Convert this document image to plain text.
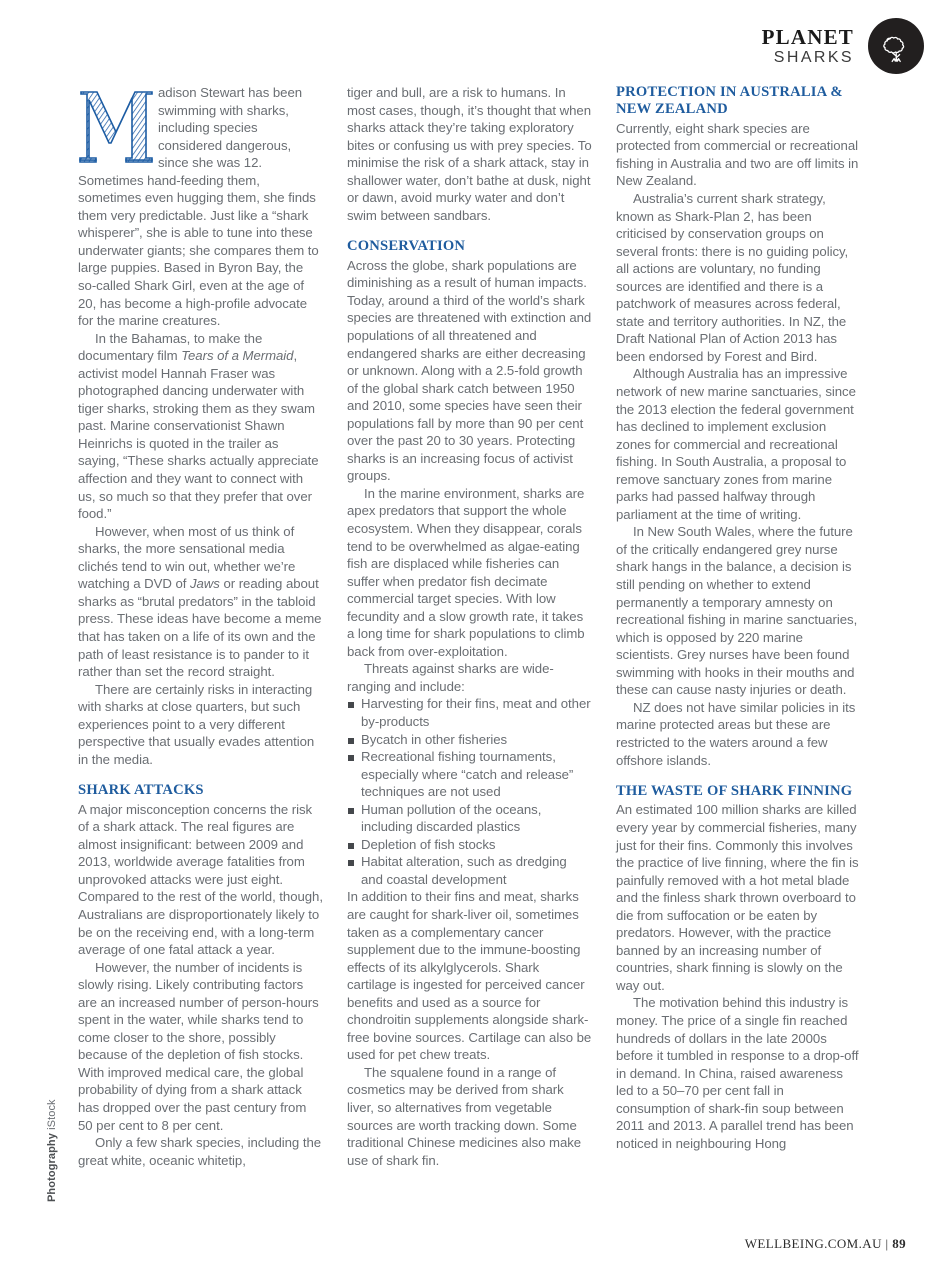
PLANET
SHARKS

adison Stewart has been swimming with sharks, including species considered dangerous, since she was 12. Sometimes hand-feeding them, sometimes even hugging them, she finds them very predictable. Just like a “shark whisperer”, she is able to tune into these underwater giants; she compares them to large puppies. Based in Byron Bay, the so-called Shark Girl, even at the age of 20, has become a high-profile advocate for the marine creatures.

In the Bahamas, to make the documentary film Tears of a Mermaid, activist model Hannah Fraser was photographed dancing underwater with tiger sharks, stroking them as they swam past. Marine conservationist Shawn Heinrichs is quoted in the trailer as saying, “These sharks actually appreciate affection and they want to connect with us, so much so that they prefer that over food.”

However, when most of us think of sharks, the more sensational media clichés tend to win out, whether we’re watching a DVD of Jaws or reading about sharks as “brutal predators” in the tabloid press. These ideas have become a meme that has taken on a life of its own and the path of least resistance is to pander to it rather than set the record straight.

There are certainly risks in interacting with sharks at close quarters, but such experiences point to a very different perspective that usually evades attention in the media.

SHARK ATTACKS

A major misconception concerns the risk of a shark attack. The real figures are almost insignificant: between 2009 and 2013, worldwide average fatalities from unprovoked attacks were just eight. Compared to the rest of the world, though, Australians are disproportionately likely to be on the receiving end, with a long-term average of one fatal attack a year.

However, the number of incidents is slowly rising. Likely contributing factors are an increased number of person-hours spent in the water, while sharks tend to come closer to the shore, possibly because of the depletion of fish stocks. With improved medical care, the global probability of dying from a shark attack has dropped over the past century from 50 per cent to 8 per cent.

Only a few shark species, including the great white, oceanic whitetip,

tiger and bull, are a risk to humans. In most cases, though, it’s thought that when sharks attack they’re taking exploratory bites or confusing us with prey species. To minimise the risk of a shark attack, stay in shallower water, don’t bathe at dusk, night or dawn, avoid murky water and don’t swim between sandbars.

CONSERVATION

Across the globe, shark populations are diminishing as a result of human impacts. Today, around a third of the world’s shark species are threatened with extinction and populations of all threatened and endangered sharks are either decreasing or unknown. Along with a 2.5-fold growth of the global shark catch between 1950 and 2010, some species have seen their populations fall by more than 90 per cent over the past 20 to 30 years. Protecting sharks is an increasing focus of activist groups.

In the marine environment, sharks are apex predators that support the whole ecosystem. When they disappear, corals tend to be overwhelmed as algae-eating fish are displaced while fisheries can suffer when predator fish decimate commercial target species. With low fecundity and a slow growth rate, it takes a long time for shark populations to climb back from over-exploitation.

Threats against sharks are wide-ranging and include:

Harvesting for their fins, meat and other by-products
Bycatch in other fisheries
Recreational fishing tournaments, especially where “catch and release” techniques are not used
Human pollution of the oceans, including discarded plastics
Depletion of fish stocks
Habitat alteration, such as dredging and coastal development

In addition to their fins and meat, sharks are caught for shark-liver oil, sometimes taken as a complementary cancer supplement due to the immune-boosting effects of its alkylglycerols. Shark cartilage is ingested for perceived cancer benefits and used as a source for chondroitin supplements alongside shark-free bovine sources. Cartilage can also be used for pet chew treats.

The squalene found in a range of cosmetics may be derived from shark liver, so alternatives from vegetable sources are worth tracking down. Some traditional Chinese medicines also make use of shark fin.

PROTECTION IN AUSTRALIA & NEW ZEALAND

Currently, eight shark species are protected from commercial or recreational fishing in Australia and two are off limits in New Zealand.

Australia’s current shark strategy, known as Shark-Plan 2, has been criticised by conservation groups on several fronts: there is no guiding policy, all actions are voluntary, no funding sources are identified and there is a patchwork of measures across federal, state and territory authorities. In NZ, the Draft National Plan of Action 2013 has been endorsed by Forest and Bird.

Although Australia has an impressive network of new marine sanctuaries, since the 2013 election the federal government has declined to implement exclusion zones for commercial and recreational fishing. In South Australia, a proposal to remove sanctuary zones from marine parks had passed halfway through parliament at the time of writing.

In New South Wales, where the future of the critically endangered grey nurse shark hangs in the balance, a decision is still pending on whether to extend permanently a temporary amnesty on recreational fishing in marine sanctuaries, which is opposed by 220 marine scientists. Grey nurses have been found swimming with hooks in their mouths and these can cause nasty injuries or death.

NZ does not have similar policies in its marine protected areas but these are restricted to the waters around a few offshore islands.

THE WASTE OF SHARK FINNING

An estimated 100 million sharks are killed every year by commercial fisheries, many just for their fins. Commonly this involves the practice of live finning, where the fin is painfully removed with a hot metal blade and the finless shark thrown overboard to die from suffocation or be eaten by predators. However, with the practice banned by an increasing number of countries, shark finning is slowly on the way out.

The motivation behind this industry is money. The price of a single fin reached hundreds of dollars in the late 2000s before it tumbled in response to a drop-off in demand. In China, raised awareness led to a 50–70 per cent fall in consumption of shark-fin soup between 2011 and 2013. A parallel trend has been noticed in neighbouring Hong

Photography iStock
WELLBEING.COM.AU | 89
